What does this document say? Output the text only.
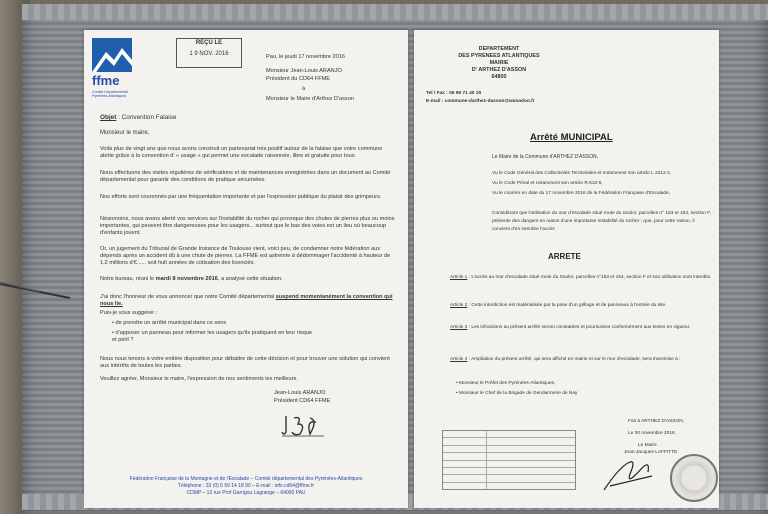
ffme
Comité Départemental Pyrénées-Atlantiques
REÇU LE
1 9 NOV. 2016	Pau, le jeudi 17 novembre 2016
Monsieur Jean-Louis ARANJO
Président du CD64 FFME
à
Monsieur le Maire d'Arthez D'asson
Objet : Convention Falaise
Monsieur le maire,
Voilà plus de vingt ans que nous avons construit un partenariat très positif autour de la falaise que votre commune abrite grâce à la convention d' « usage » qui permet une escalade raisonnée, libre et gratuite pour tous.
Nous effectuons des visites régulières de vérifications et de maintenances enregistrées dans un document au Comité départemental pour garantir des conditions de pratique sécurisées.
Nos efforts sont couronnés par une fréquentation importante et par l'expression publique du plaisir des grimpeurs.
Néanmoins, nous avons alerté vos services sur l'instabilité du rocher qui provoque des chutes de pierres plus ou moins importantes, qui peuvent être dangereuses pour les usagers... surtout que le bas des voies est un lieu où beaucoup d'enfants jouent.
Or, un jugement du Tribunal de Grande Instance de Toulouse vient, voici peu, de condamner notre fédération aux dépends après un accident dû à une chute de pierres. La FFME est astreinte à dédommager l'accidenté à hauteur de 1,2 millions d'€...... soit huit années de cotisation des licenciés.
Notre bureau, réuni le mardi 8 novembre 2016, a analysé cette situation.
J'ai donc l'honneur de vous annoncer que notre Comité départemental suspend momentanément la convention qui nous lie.
Puis-je vous suggérer :
• de prendre un arrêté municipal dans ce sens
• d'apposer un panneau pour informer les usagers qu'ils pratiquent en leur risque et péril ?
Nous nous tenons à votre entière disposition pour débattre de cette décision et pour trouver une solution qui convient aux intérêts de toutes les parties.
Veuillez agréer, Monsieur le maire, l'expression de nos sentiments les meilleurs.
Jean-Louis ARANJO
Président CD64 FFME
Fédération Française de la Montagne et de l'Escalade – Comité départemental des Pyrénées-Atlantiques
Téléphone : 33 (0) 5 59 14 18 90 – E-mail : info.cd64@ffme.fr
CDMP – 12 rue Prof Garrigou Lagrange – 64000 PAU
DEPARTEMENT
DES PYRENEES ATLANTIQUES
MAIRIE
D' ARTHEZ D'ASSON
64800
Tel / Fax : 05 59 71 40 15
E-mail : commune-darthez-dasson@wanadoo.fr
Arrêté MUNICIPAL
Le Maire de la Commune d'ARTHEZ D'ASSON,
Vu le Code Général des Collectivités Territoriales et notamment son article L 2212-2,
Vu le Code Pénal et notamment son article R.610-5,
Vu le courrier en date du 17 novembre 2016 de la Fédération Française d'Escalade,
Considérant que l'utilisation du mur d'escalade situé route du Soulor, parcelles n° 153 et 154, section F, présente des dangers en raison d'une importante instabilité du rocher ; que, pour cette raison, il convient d'en interdire l'accès
ARRETE
Article 1 : L'accès au mur d'escalade situé route du Soulor, parcelles n°153 et 154, section F et son utilisation sont interdits.
Article 2 : Cette interdiction est matérialisée par la pose d'un grillage et de panneaux à l'entrée du site.
Article 3 : Les infractions au présent arrêté seront constatées et poursuivies conformément aux textes en vigueur.
Article 4 : Ampliation du présent arrêté, qui sera affiché en mairie et sur le mur d'escalade, sera transmise à :
• Monsieur le Préfet des Pyrénées-Atlantiques,
• Monsieur le Chef de la Brigade de Gendarmerie de Nay
Fait à ARTHEZ D'ASSON,
Le 30 novembre 2016
Le Maire
Jean-Jacques LAFFITTE
